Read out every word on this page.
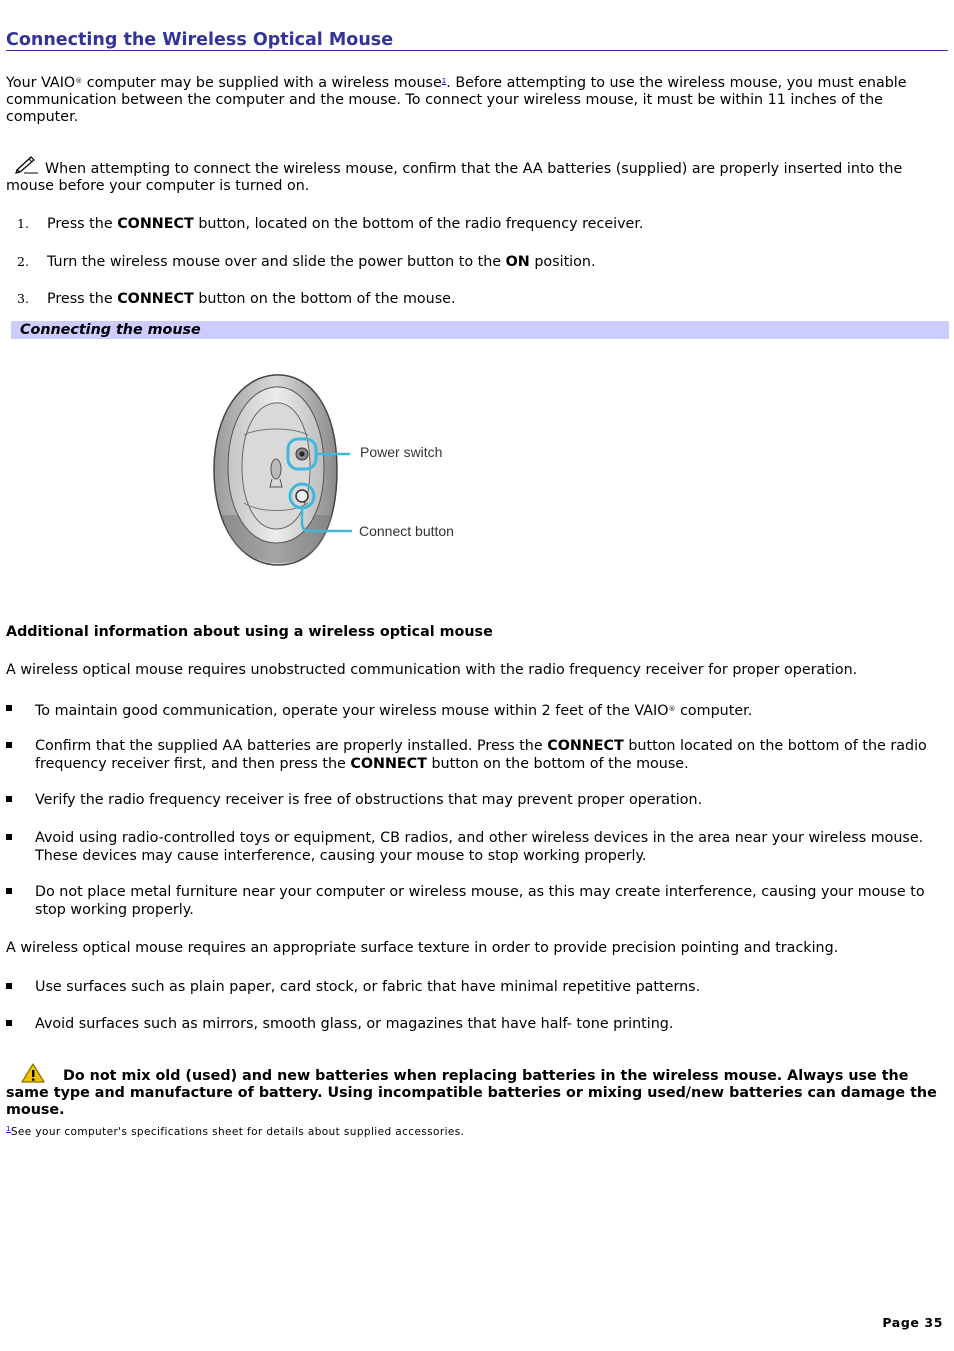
Connecting the Wireless Optical Mouse
Your VAIO® computer may be supplied with a wireless mouse$^1$. Before attempting to use the wireless mouse, you must enable communication between the computer and the mouse. To connect your wireless mouse, it must be within 11 inches of the computer.
When attempting to connect the wireless mouse, confirm that the AA batteries (supplied) are properly inserted into the mouse before your computer is turned on.
1. Press the CONNECT button, located on the bottom of the radio frequency receiver.
2. Turn the wireless mouse over and slide the power button to the ON position.
3. Press the CONNECT button on the bottom of the mouse.
Connecting the mouse
Power switch
Connect button
Additional information about using a wireless optical mouse
A wireless optical mouse requires unobstructed communication with the radio frequency receiver for proper operation.
To maintain good communication, operate your wireless mouse within 2 feet of the VAIO® computer.
Confirm that the supplied AA batteries are properly installed. Press the CONNECT button located on the bottom of the radio frequency receiver first, and then press the CONNECT button on the bottom of the mouse.
Verify the radio frequency receiver is free of obstructions that may prevent proper operation.
Avoid using radio-controlled toys or equipment, CB radios, and other wireless devices in the area near your wireless mouse. These devices may cause interference, causing your mouse to stop working properly.
Do not place metal furniture near your computer or wireless mouse, as this may create interference, causing your mouse to stop working properly.
A wireless optical mouse requires an appropriate surface texture in order to provide precision pointing and tracking.
Use surfaces such as plain paper, card stock, or fabric that have minimal repetitive patterns.
Avoid surfaces such as mirrors, smooth glass, or magazines that have half- tone printing.
Do not mix old (used) and new batteries when replacing batteries in the wireless mouse. Always use the same type and manufacture of battery. Using incompatible batteries or mixing used/new batteries can damage the mouse.
$^1$See your computer's specifications sheet for details about supplied accessories.
Page 35
